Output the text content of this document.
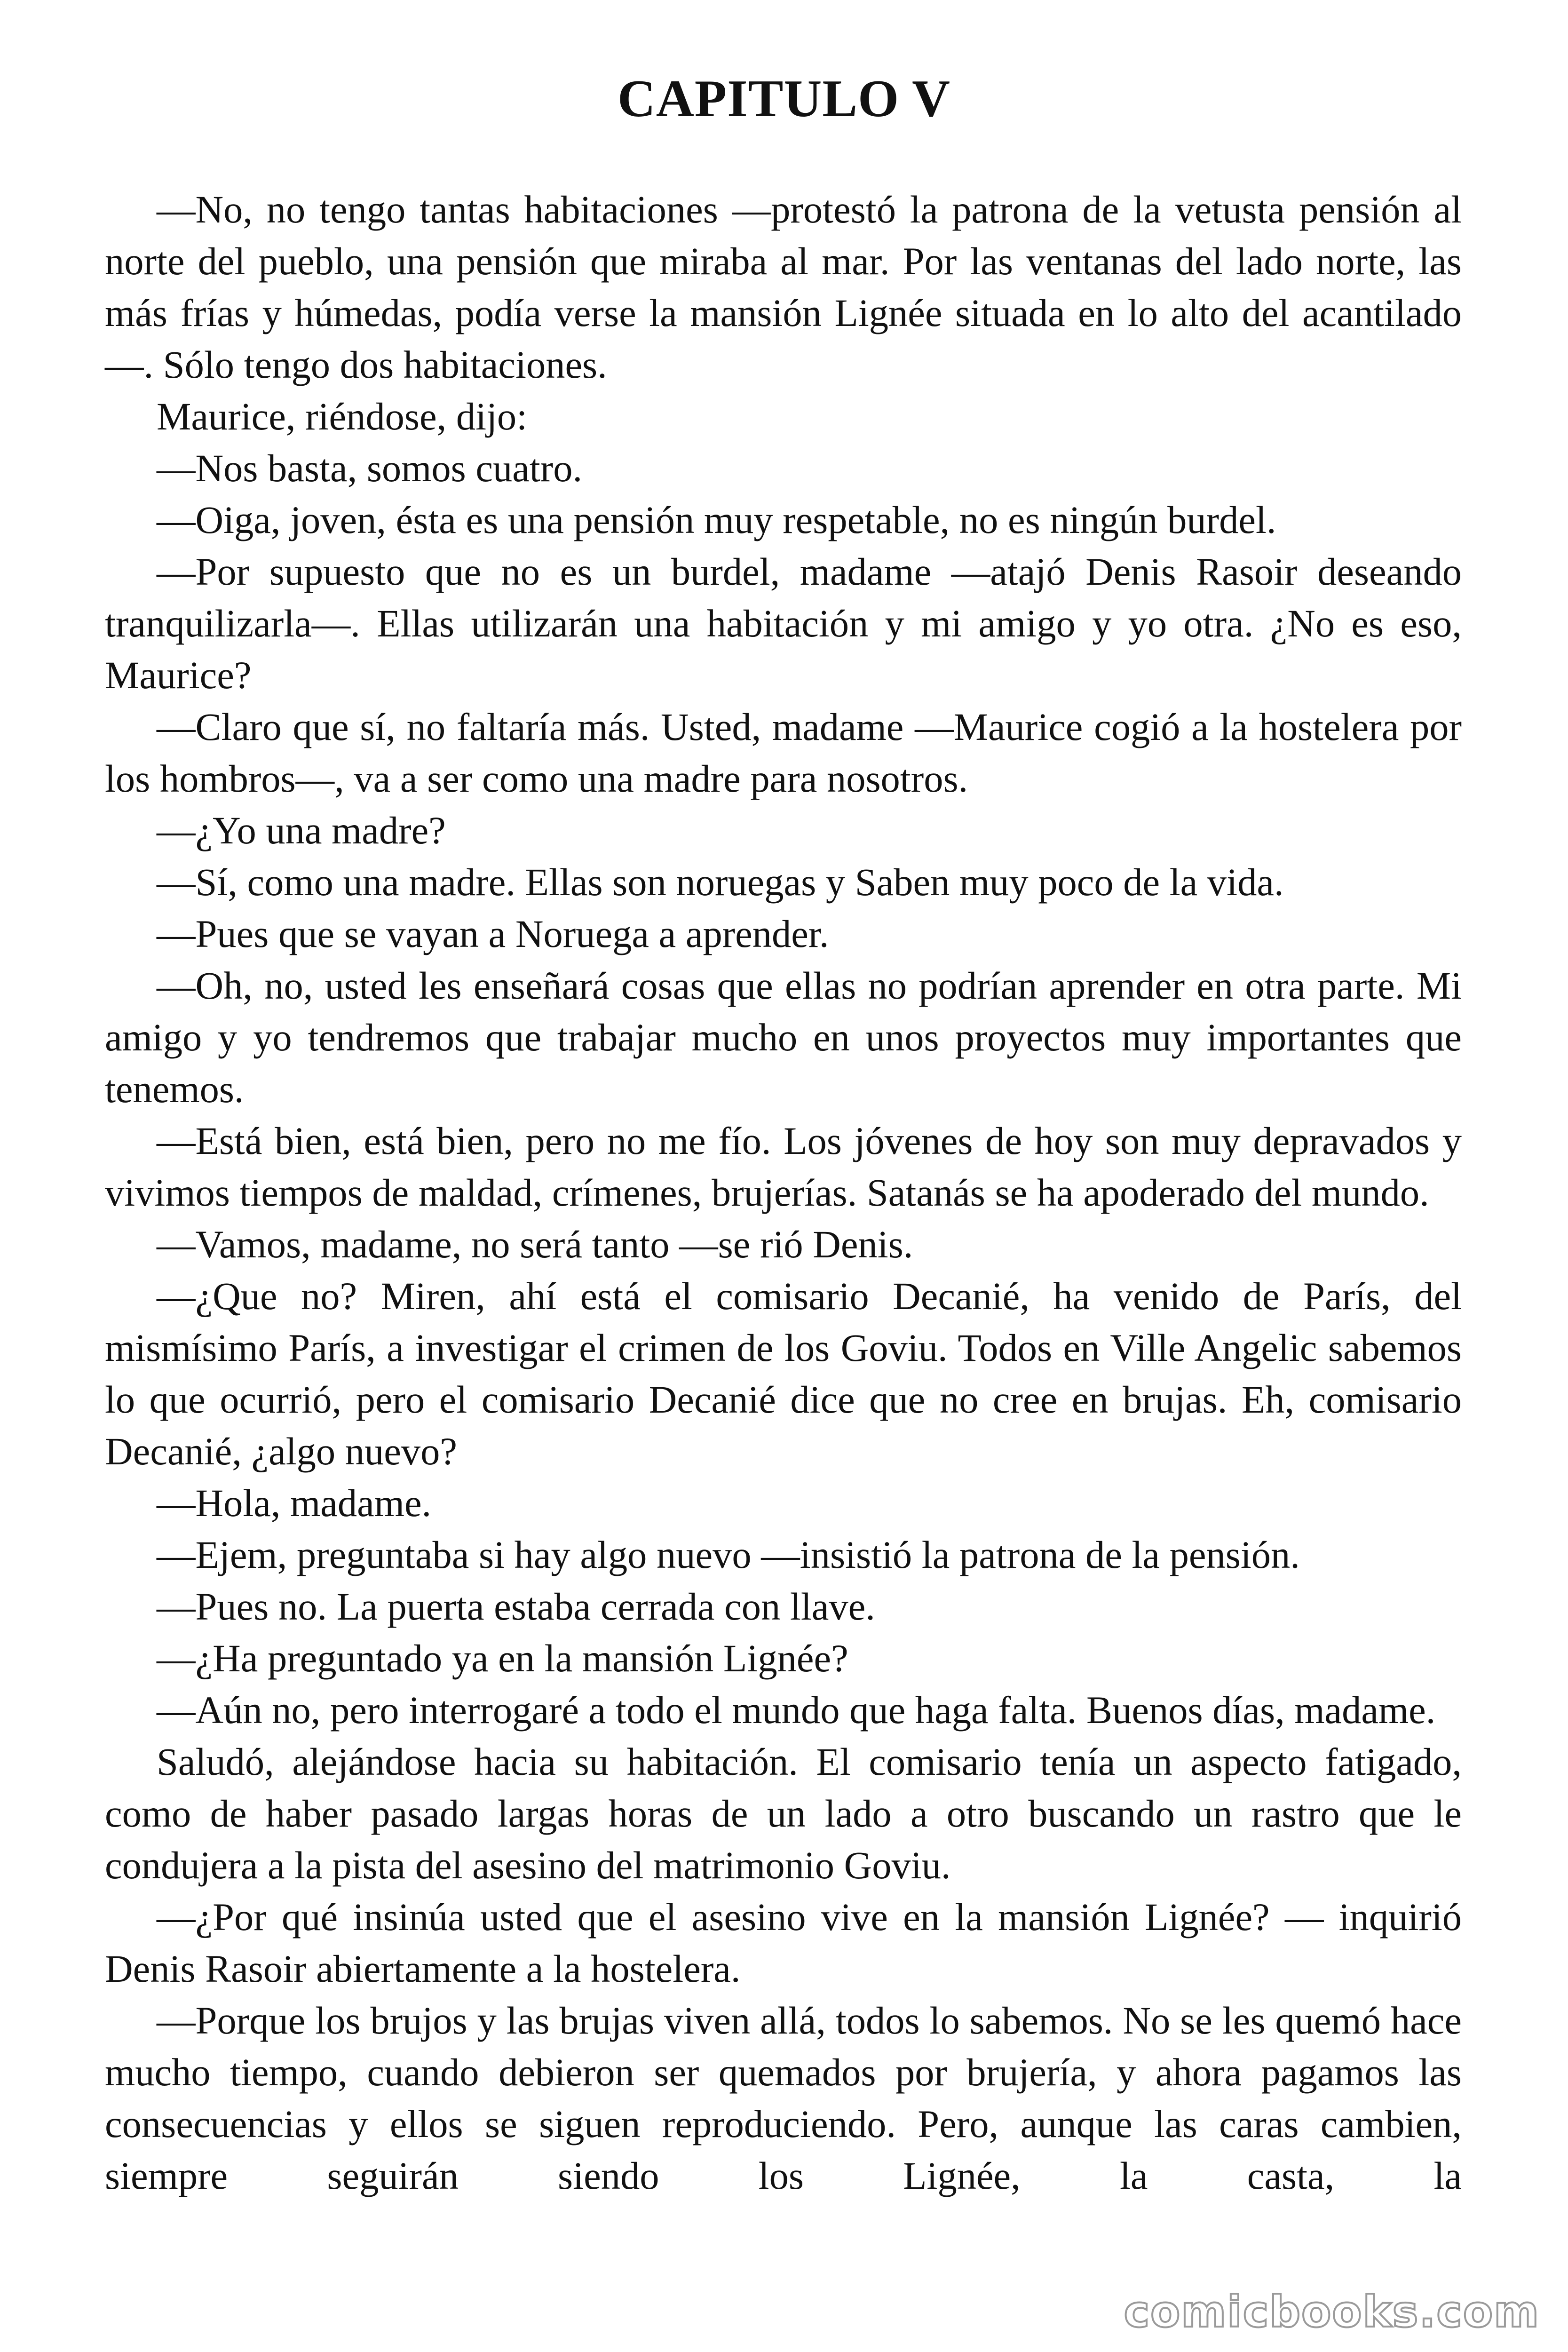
CAPITULO V

—No, no tengo tantas habitaciones —protestó la patrona de la vetusta pensión al norte del pueblo, una pensión que miraba al mar. Por las ventanas del lado norte, las más frías y húmedas, podía verse la mansión Lignée situada en lo alto del acantilado—. Sólo tengo dos habitaciones.

Maurice, riéndose, dijo:

—Nos basta, somos cuatro.

—Oiga, joven, ésta es una pensión muy respetable, no es ningún burdel.

—Por supuesto que no es un burdel, madame —atajó Denis Rasoir deseando tranquilizarla—. Ellas utilizarán una habitación y mi amigo y yo otra. ¿No es eso, Maurice?

—Claro que sí, no faltaría más. Usted, madame —Maurice cogió a la hostelera por los hombros—, va a ser como una madre para nosotros.

—¿Yo una madre?

—Sí, como una madre. Ellas son noruegas y Saben muy poco de la vida.

—Pues que se vayan a Noruega a aprender.

—Oh, no, usted les enseñará cosas que ellas no podrían aprender en otra parte. Mi amigo y yo tendremos que trabajar mucho en unos proyectos muy importantes que tenemos.

—Está bien, está bien, pero no me fío. Los jóvenes de hoy son muy depravados y vivimos tiempos de maldad, crímenes, brujerías. Satanás se ha apoderado del mundo.

—Vamos, madame, no será tanto —se rió Denis.

—¿Que no? Miren, ahí está el comisario Decanié, ha venido de París, del mismísimo París, a investigar el crimen de los Goviu. Todos en Ville Angelic sabemos lo que ocurrió, pero el comisario Decanié dice que no cree en brujas. Eh, comisario Decanié, ¿algo nuevo?

—Hola, madame.

—Ejem, preguntaba si hay algo nuevo —insistió la patrona de la pensión.

—Pues no. La puerta estaba cerrada con llave.

—¿Ha preguntado ya en la mansión Lignée?

—Aún no, pero interrogaré a todo el mundo que haga falta. Buenos días, madame.

Saludó, alejándose hacia su habitación. El comisario tenía un aspecto fatigado, como de haber pasado largas horas de un lado a otro buscando un rastro que le condujera a la pista del asesino del matrimonio Goviu.

—¿Por qué insinúa usted que el asesino vive en la mansión Lignée? — inquirió Denis Rasoir abiertamente a la hostelera.

—Porque los brujos y las brujas viven allá, todos lo sabemos. No se les quemó hace mucho tiempo, cuando debieron ser quemados por brujería, y ahora pagamos las consecuencias y ellos se siguen reproduciendo. Pero, aunque las caras cambien, siempre seguirán siendo los Lignée, la casta, la

comicbooks.com
